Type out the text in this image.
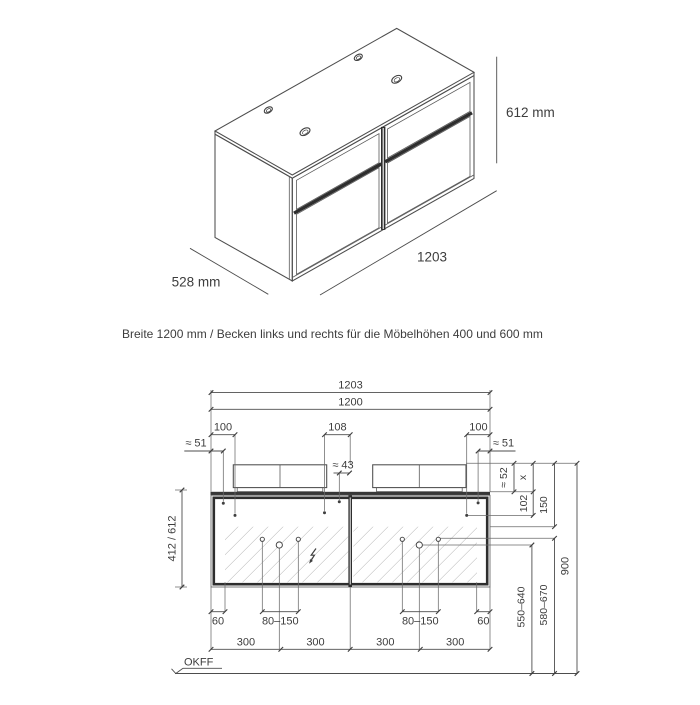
612 mm
1203
528 mm
Breite 1200 mm / Becken links und rechts für die Möbelhöhen 400 und 600 mm
1203
1200
100	108	100
≈ 51	≈ 51
≈ 43
412 / 612
≈ 52 x
102 150
550–640 580–670
900
60	80–150	80–150	60
300	300	300	300
OKFF
